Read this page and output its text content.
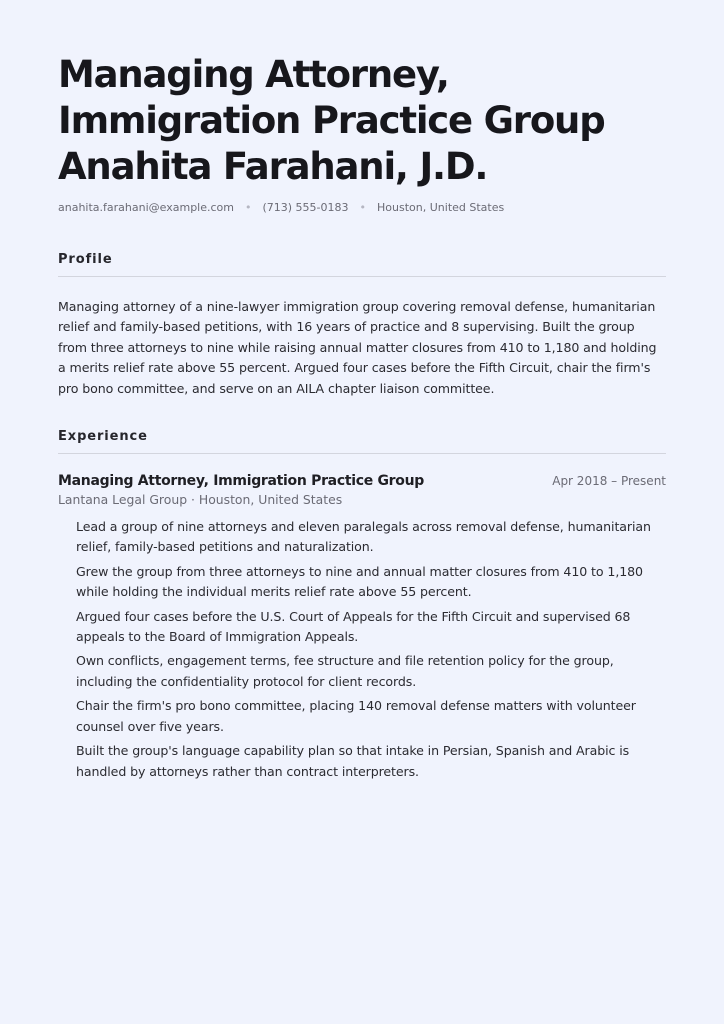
Managing Attorney,
Immigration Practice Group
Anahita Farahani, J.D.
anahita.farahani@example.com • (713) 555-0183 • Houston, United States
Profile

Managing attorney of a nine-lawyer immigration group covering removal defense, humanitarian relief and family-based petitions, with 16 years of practice and 8 supervising. Built the group from three attorneys to nine while raising annual matter closures from 410 to 1,180 and holding a merits relief rate above 55 percent. Argued four cases before the Fifth Circuit, chair the firm's pro bono committee, and serve on an AILA chapter liaison committee.

Experience
Managing Attorney, Immigration Practice Group	Apr 2018 – Present
Lantana Legal Group · Houston, United States
Lead a group of nine attorneys and eleven paralegals across removal defense, humanitarian relief, family-based petitions and naturalization.
Grew the group from three attorneys to nine and annual matter closures from 410 to 1,180 while holding the individual merits relief rate above 55 percent.
Argued four cases before the U.S. Court of Appeals for the Fifth Circuit and supervised 68 appeals to the Board of Immigration Appeals.
Own conflicts, engagement terms, fee structure and file retention policy for the group, including the confidentiality protocol for client records.
Chair the firm's pro bono committee, placing 140 removal defense matters with volunteer counsel over five years.
Built the group's language capability plan so that intake in Persian, Spanish and Arabic is handled by attorneys rather than contract interpreters.
